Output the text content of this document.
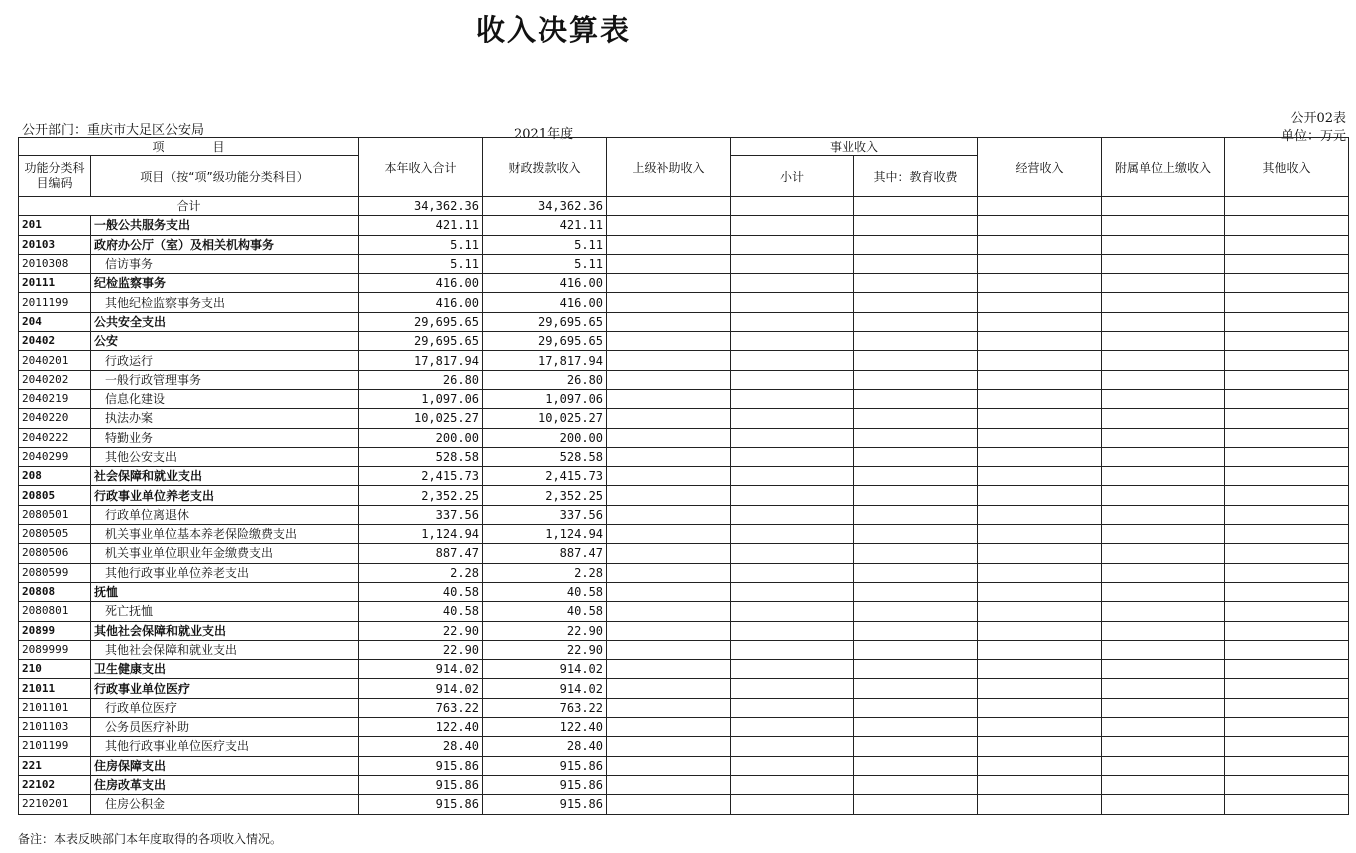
收入决算表
公开部门：重庆市大足区公安局	2021年度
公开02表
单位：万元
项　　　　目		本年收入合计	财政拨款收入	上级补助收入	事业收入		经营收入	附属单位上缴收入	其他收入
功能分类科目编码	项目（按“项”级功能分类科目）								
					小计	其中：教育收费			
合计		34,362.36	34,362.36						
201	一般公共服务支出	421.11	421.11						
20103	政府办公厅（室）及相关机构事务	5.11	5.11						
2010308	信访事务	5.11	5.11						
20111	纪检监察事务	416.00	416.00						
2011199	其他纪检监察事务支出	416.00	416.00						
204	公共安全支出	29,695.65	29,695.65						
20402	公安	29,695.65	29,695.65						
2040201	行政运行	17,817.94	17,817.94						
2040202	一般行政管理事务	26.80	26.80						
2040219	信息化建设	1,097.06	1,097.06						
2040220	执法办案	10,025.27	10,025.27						
2040222	特勤业务	200.00	200.00						
2040299	其他公安支出	528.58	528.58						
208	社会保障和就业支出	2,415.73	2,415.73						
20805	行政事业单位养老支出	2,352.25	2,352.25						
2080501	行政单位离退休	337.56	337.56						
2080505	机关事业单位基本养老保险缴费支出	1,124.94	1,124.94						
2080506	机关事业单位职业年金缴费支出	887.47	887.47						
2080599	其他行政事业单位养老支出	2.28	2.28						
20808	抚恤	40.58	40.58						
2080801	死亡抚恤	40.58	40.58						
20899	其他社会保障和就业支出	22.90	22.90						
2089999	其他社会保障和就业支出	22.90	22.90						
210	卫生健康支出	914.02	914.02						
21011	行政事业单位医疗	914.02	914.02						
2101101	行政单位医疗	763.22	763.22						
2101103	公务员医疗补助	122.40	122.40						
2101199	其他行政事业单位医疗支出	28.40	28.40						
221	住房保障支出	915.86	915.86						
22102	住房改革支出	915.86	915.86						
2210201	住房公积金	915.86	915.86						
备注：本表反映部门本年度取得的各项收入情况。
